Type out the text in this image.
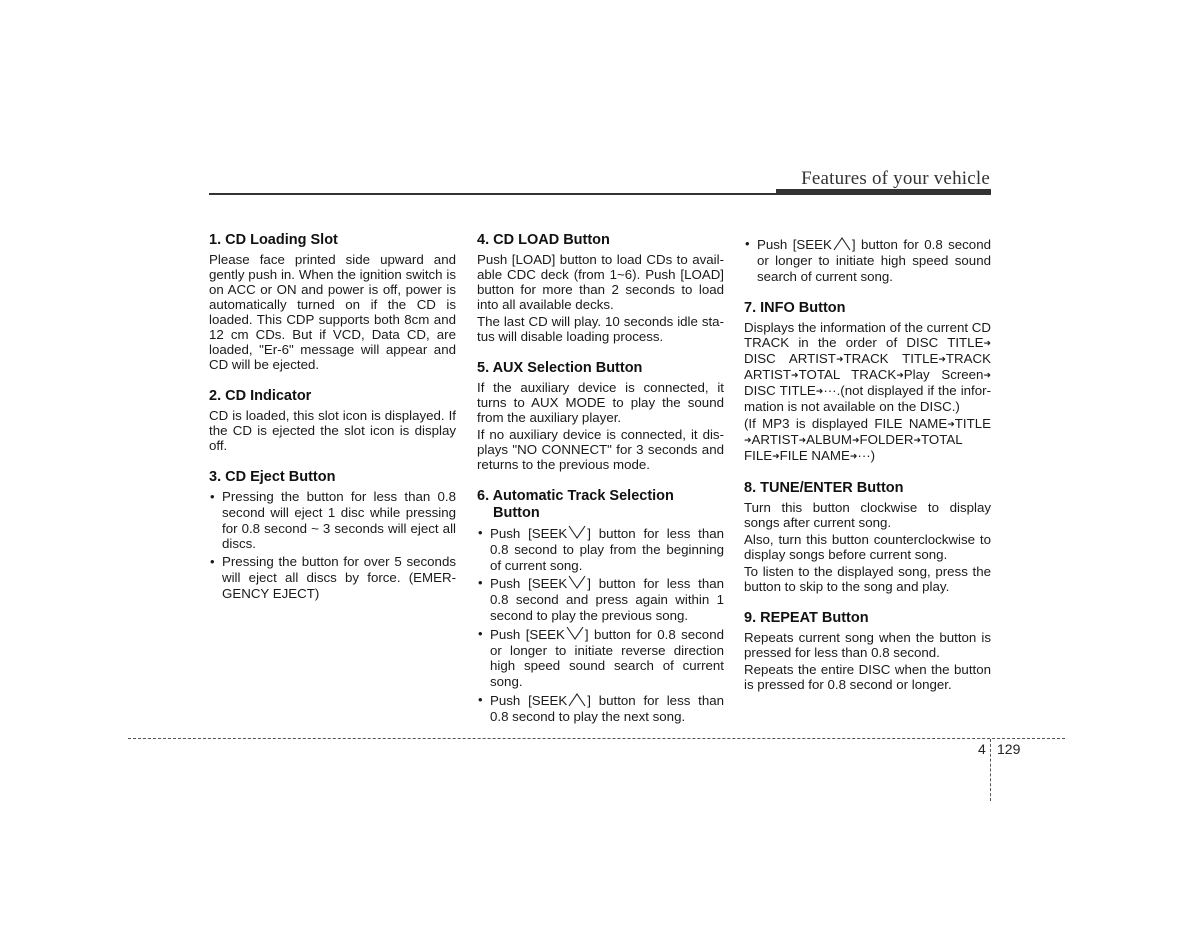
Features of your vehicle
1. CD Loading Slot

Please face printed side upward and gently push in. When the ignition switch is on ACC or ON and power is off, power is automatically turned on if the CD is loaded. This CDP supports both 8cm and 12 cm CDs. But if VCD, Data CD, are loaded, "Er-6" message will appear and CD will be ejected.

2. CD Indicator

CD is loaded, this slot icon is displayed. If the CD is ejected the slot icon is display off.

3. CD Eject Button
• Pressing the button for less than 0.8 second will eject 1 disc while pressing for 0.8 second ~ 3 seconds will eject all discs.
• Pressing the button for over 5 seconds will eject all discs by force. (EMER-GENCY EJECT)
4. CD LOAD Button

Push [LOAD] button to load CDs to avail-able CDC deck (from 1~6). Push [LOAD] button for more than 2 seconds to load into all available decks.

The last CD will play. 10 seconds idle sta-tus will disable loading process.

5. AUX Selection Button

If the auxiliary device is connected, it turns to AUX MODE to play the sound from the auxiliary player.

If no auxiliary device is connected, it dis-plays "NO CONNECT" for 3 seconds and returns to the previous mode.

6. Automatic Track Selection Button
• Push [SEEK ] button for less than 0.8 second to play from the beginning of current song.
• Push [SEEK ] button for less than 0.8 second and press again within 1 second to play the previous song.
• Push [SEEK ] button for 0.8 second or longer to initiate reverse direction high speed sound search of current song.
• Push [SEEK ] button for less than 0.8 second to play the next song.
• Push [SEEK ] button for 0.8 second or longer to initiate high speed sound search of current song.
7. INFO Button

Displays the information of the current CD TRACK in the order of DISC TITLE➜ DISC ARTIST➜TRACK TITLE➜TRACK ARTIST➜TOTAL TRACK➜Play Screen➜ DISC TITLE➜···.(not displayed if the infor-mation is not available on the DISC.)

(If MP3 is displayed FILE NAME➜TITLE ➜ARTIST➜ALBUM➜FOLDER➜TOTAL FILE➜FILE NAME➜···)

8. TUNE/ENTER Button

Turn this button clockwise to display songs after current song.

Also, turn this button counterclockwise to display songs before current song.

To listen to the displayed song, press the button to skip to the song and play.

9. REPEAT Button

Repeats current song when the button is pressed for less than 0.8 second.

Repeats the entire DISC when the button is pressed for 0.8 second or longer.

4 129
